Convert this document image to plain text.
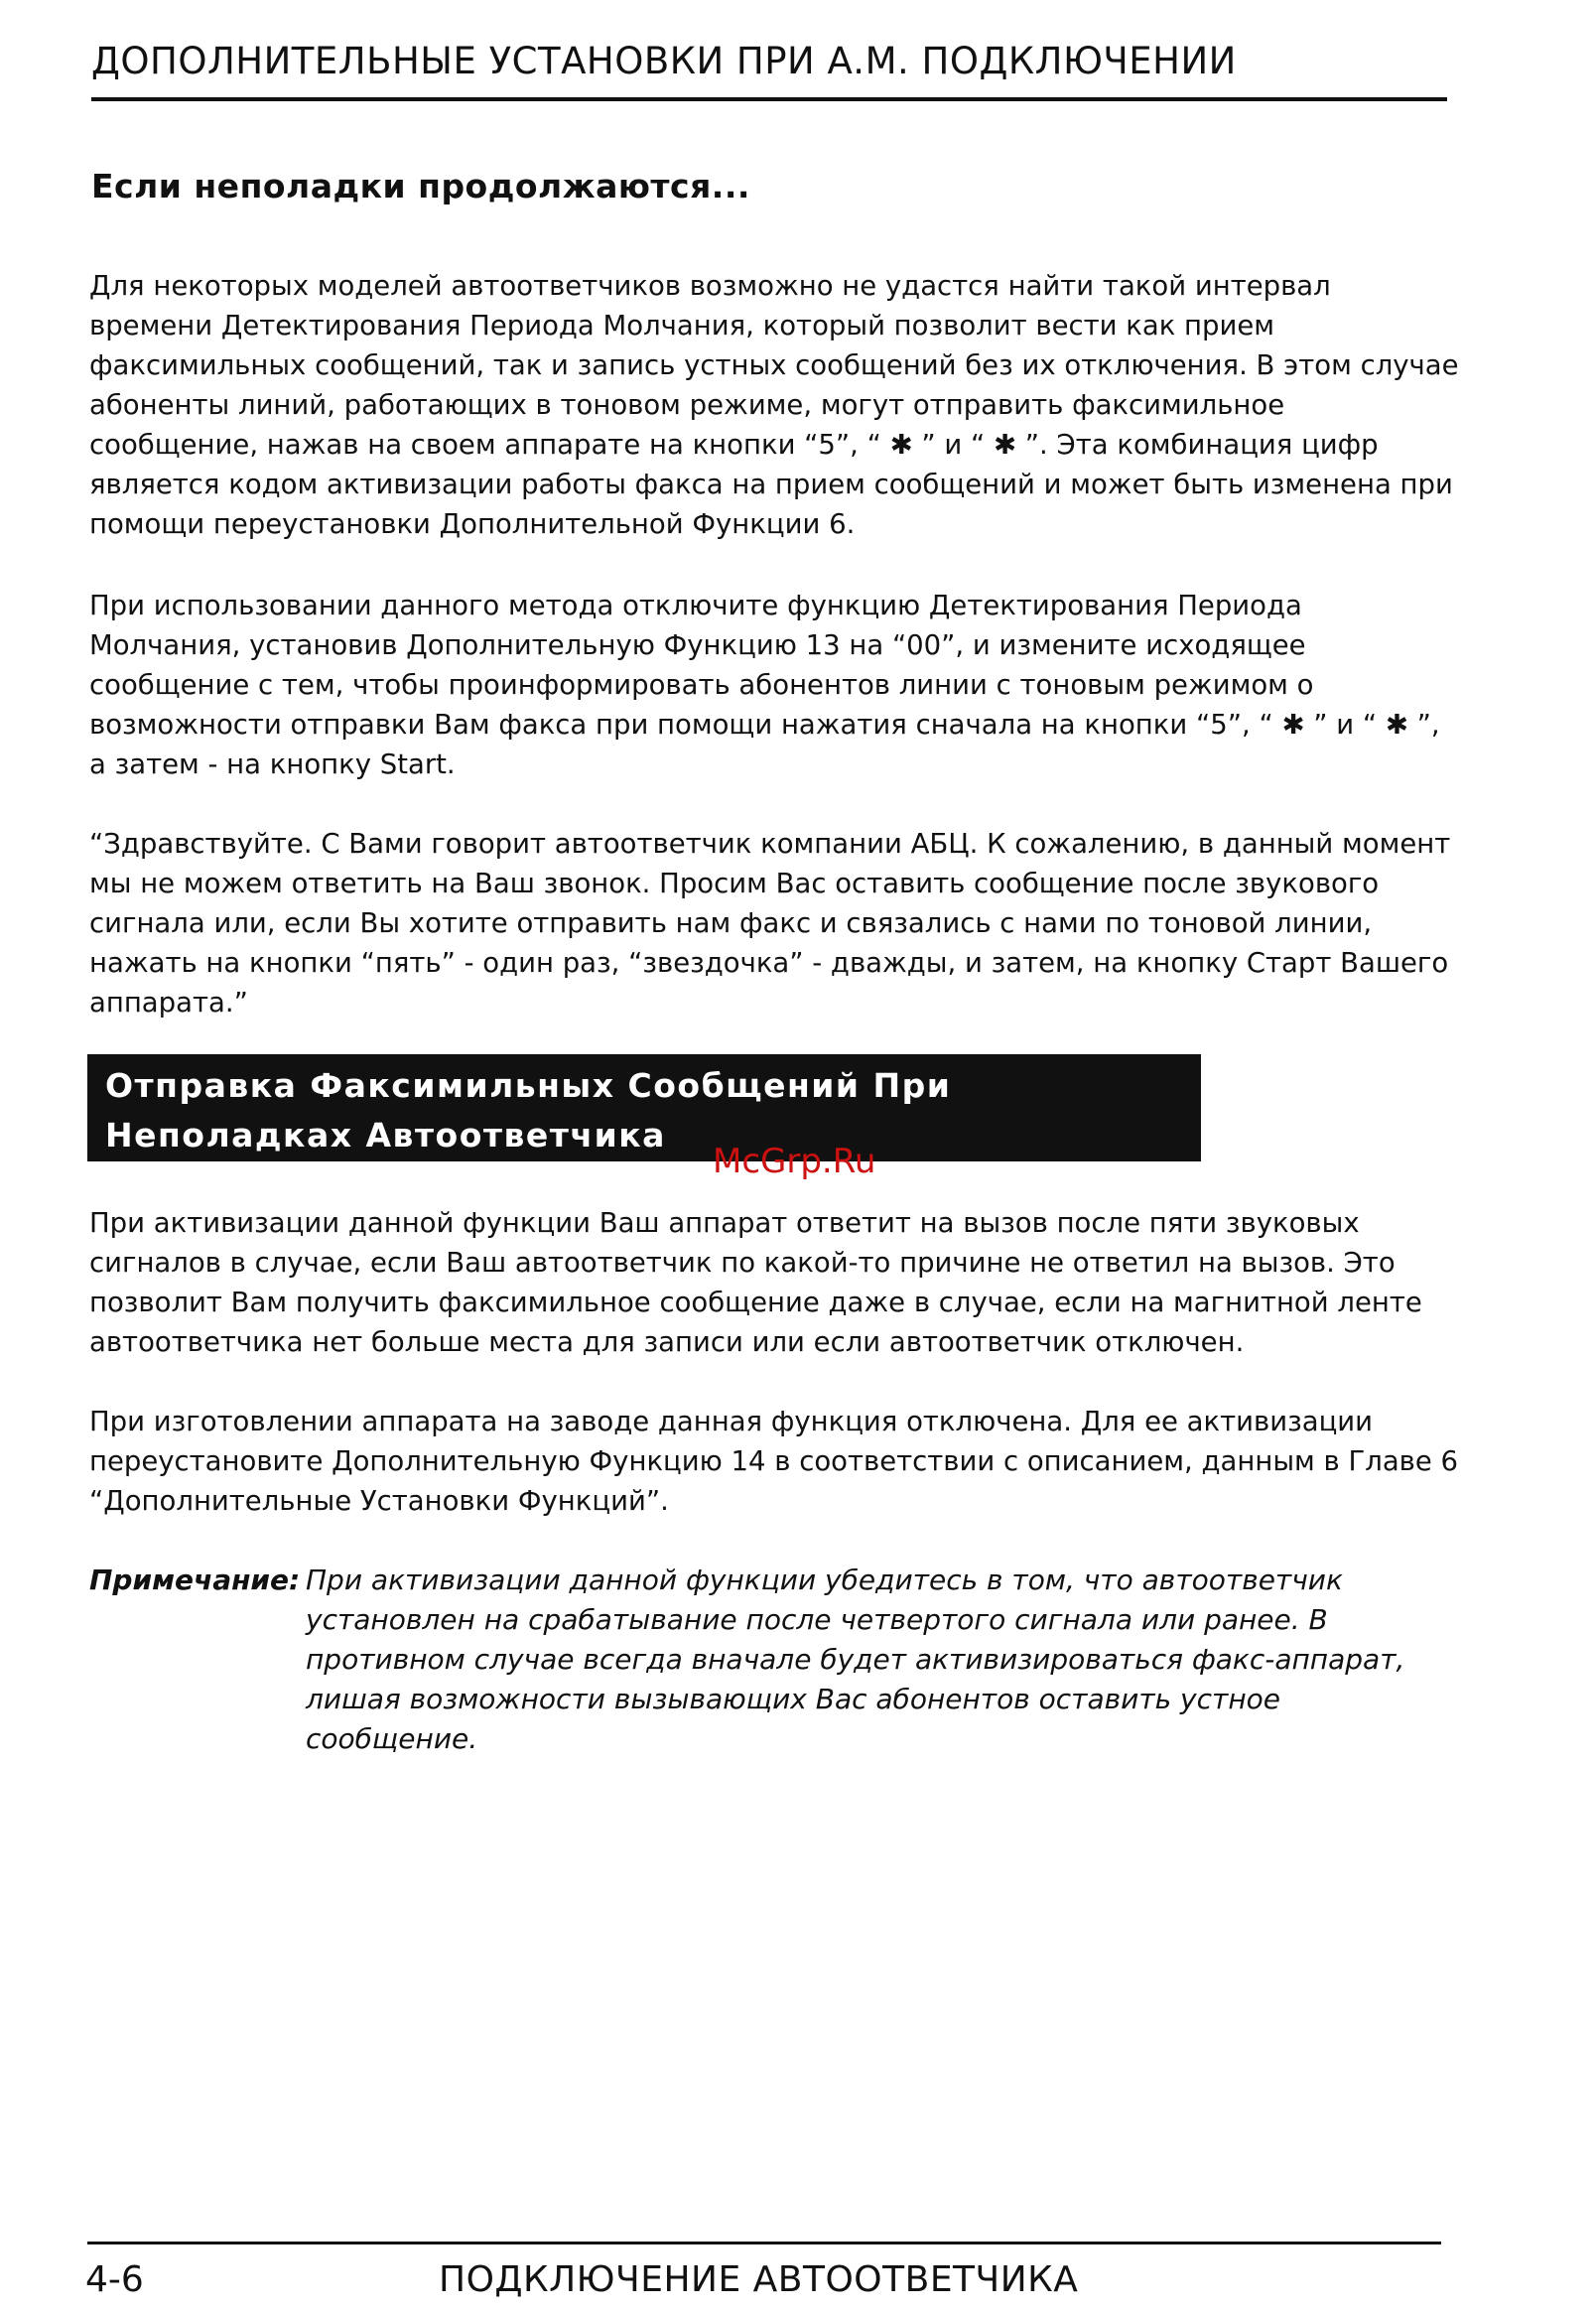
ДОПОЛНИТЕЛЬНЫЕ УСТАНОВКИ ПРИ А.М. ПОДКЛЮЧЕНИИ
Если неполадки продолжаются...

Для некоторых моделей автоответчиков возможно не удастся найти такой интервал времени Детектирования Периода Молчания, который позволит вести как прием факсимильных сообщений, так и запись устных сообщений без их отключения. В этом случае абоненты линий, работающих в тоновом режиме, могут отправить факсимильное сообщение, нажав на своем аппарате на кнопки “5”, “ ✱ ” и “ ✱ ”. Эта комбинация цифр является кодом активизации работы факса на прием сообщений и может быть изменена при помощи переустановки Дополнительной Функции 6.

При использовании данного метода отключите функцию Детектирования Периода Молчания, установив Дополнительную Функцию 13 на “00”, и измените исходящее сообщение с тем, чтобы проинформировать абонентов линии с тоновым режимом о возможности отправки Вам факса при помощи нажатия сначала на кнопки “5”, “ ✱ ” и “ ✱ ”, а затем - на кнопку Start.

“Здравствуйте. С Вами говорит автоответчик компании АБЦ. К сожалению, в данный момент мы не можем ответить на Ваш звонок. Просим Вас оставить сообщение после звукового сигнала или, если Вы хотите отправить нам факс и связались с нами по тоновой линии, нажать на кнопки “пять” - один раз, “звездочка” - дважды, и затем, на кнопку Старт Вашего аппарата.”

Отправка Факсимильных Сообщений При Неполадках Автоответчика
McGrp.Ru

При активизации данной функции Ваш аппарат ответит на вызов после пяти звуковых сигналов в случае, если Ваш автоответчик по какой-то причине не ответил на вызов. Это позволит Вам получить факсимильное сообщение даже в случае, если на магнитной ленте автоответчика нет больше места для записи или если автоответчик отключен.

При изготовлении аппарата на заводе данная функция отключена. Для ее активизации переустановите Дополнительную Функцию 14 в соответствии с описанием, данным в Главе 6 “Дополнительные Установки Функций”.

Примечание: При активизации данной функции убедитесь в том, что автоответчик установлен на срабатывание после четвертого сигнала или ранее. В противном случае всегда вначале будет активизироваться факс-аппарат, лишая возможности вызывающих Вас абонентов оставить устное сообщение.
4-6	ПОДКЛЮЧЕНИЕ АВТООТВЕТЧИКА
